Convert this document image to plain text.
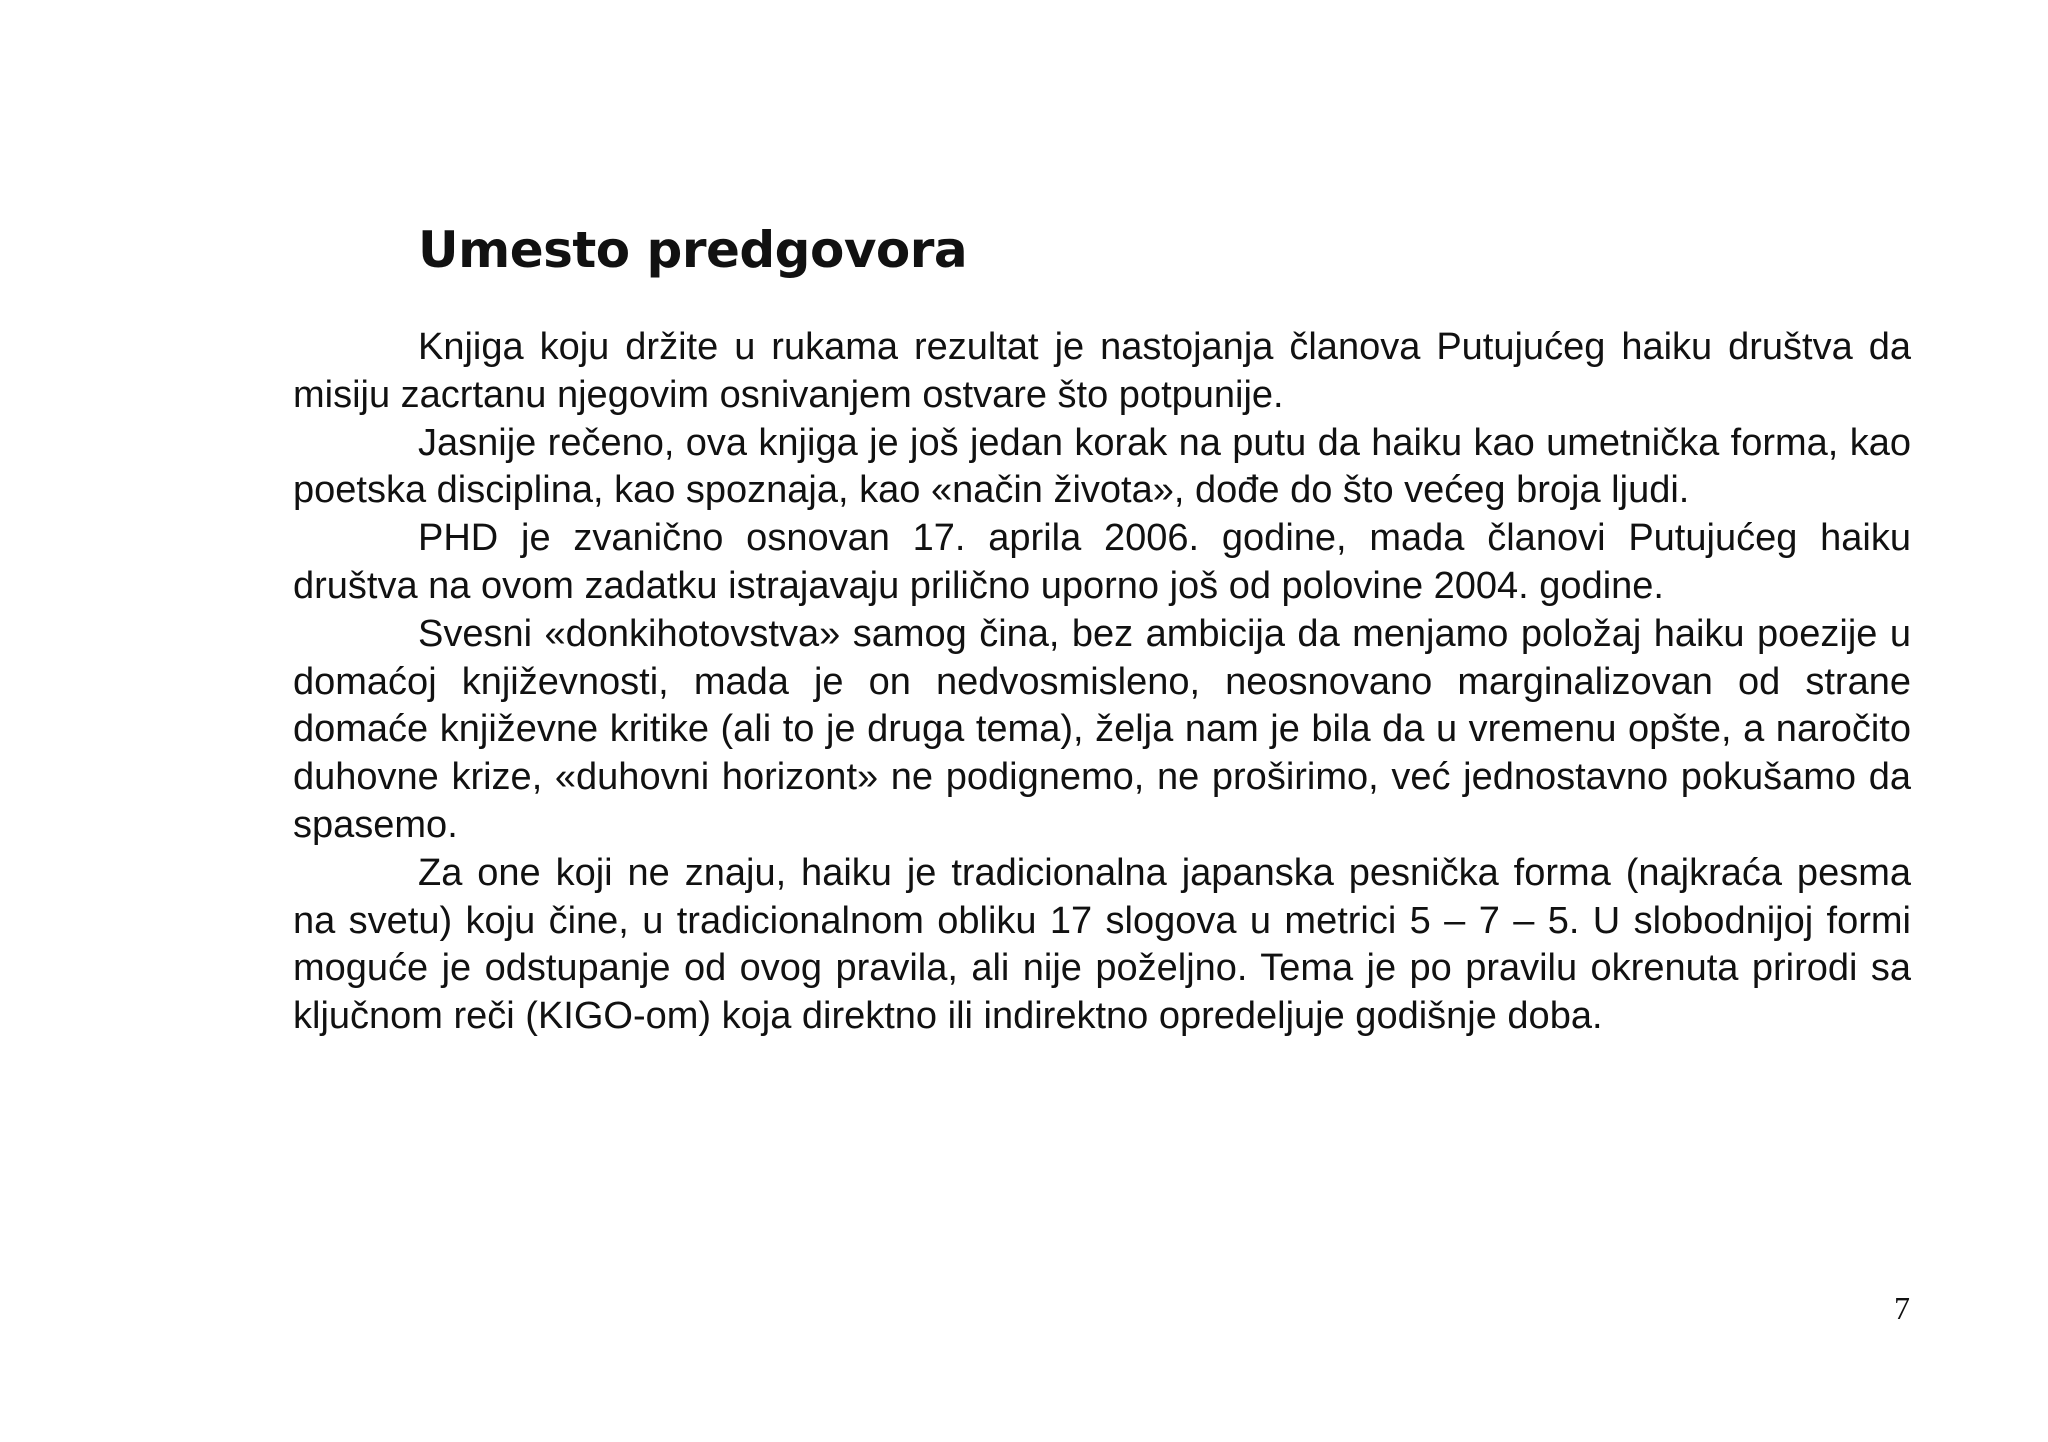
Umesto predgovora

Knjiga koju držite u rukama rezultat je nastojanja članova Putujućeg haiku društva da misiju zacrtanu njegovim osnivanjem ostvare što potpunije.

Jasnije rečeno, ova knjiga je još jedan korak na putu da haiku kao umetnička forma, kao poetska disciplina, kao spoznaja, kao «način života», dođe do što većeg broja ljudi.

PHD je zvanično osnovan 17. aprila 2006. godine, mada članovi Putujućeg haiku društva na ovom zadatku istrajavaju prilično uporno još od polovine 2004. godine.

Svesni «donkihotovstva» samog čina, bez ambicija da menjamo položaj haiku poezije u domaćoj književnosti, mada je on nedvosmisleno, neosnovano marginalizovan od strane domaće književne kritike (ali to je druga tema), želja nam je bila da u vremenu opšte, a naročito duhovne krize, «duhovni horizont» ne podignemo, ne proširimo, već jednostavno pokušamo da spasemo.

Za one koji ne znaju, haiku je tradicionalna japanska pesnička forma (najkraća pesma na svetu) koju čine, u tradicionalnom obliku 17 slogova u metrici 5 – 7 – 5. U slobodnijoj formi moguće je odstupanje od ovog pravila, ali nije poželjno. Tema je po pravilu okrenuta prirodi sa ključnom reči (KIGO-om) koja direktno ili indirektno opredeljuje godišnje doba.

7
